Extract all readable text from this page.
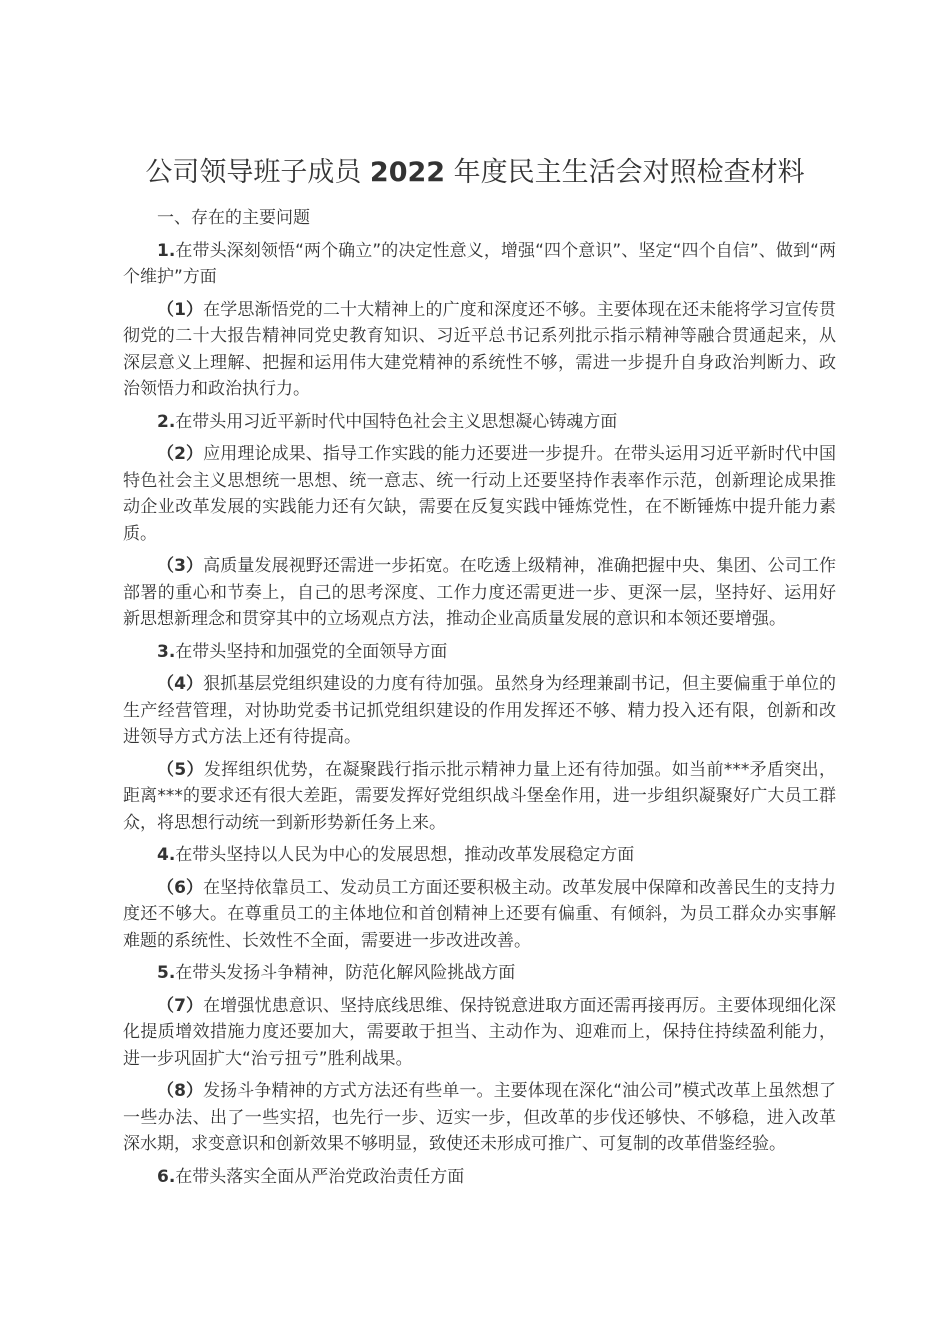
公司领导班子成员 2022 年度民主生活会对照检查材料

一、存在的主要问题

1.在带头深刻领悟“两个确立”的决定性意义，增强“四个意识”、坚定“四个自信”、做到“两个维护”方面

（1）在学思渐悟党的二十大精神上的广度和深度还不够。主要体现在还未能将学习宣传贯彻党的二十大报告精神同党史教育知识、习近平总书记系列批示指示精神等融合贯通起来，从深层意义上理解、把握和运用伟大建党精神的系统性不够，需进一步提升自身政治判断力、政治领悟力和政治执行力。

2.在带头用习近平新时代中国特色社会主义思想凝心铸魂方面

（2）应用理论成果、指导工作实践的能力还要进一步提升。在带头运用习近平新时代中国特色社会主义思想统一思想、统一意志、统一行动上还要坚持作表率作示范，创新理论成果推动企业改革发展的实践能力还有欠缺，需要在反复实践中锤炼党性，在不断锤炼中提升能力素质。

（3）高质量发展视野还需进一步拓宽。在吃透上级精神，准确把握中央、集团、公司工作部署的重心和节奏上，自己的思考深度、工作力度还需更进一步、更深一层，坚持好、运用好新思想新理念和贯穿其中的立场观点方法，推动企业高质量发展的意识和本领还要增强。

3.在带头坚持和加强党的全面领导方面

（4）狠抓基层党组织建设的力度有待加强。虽然身为经理兼副书记，但主要偏重于单位的生产经营管理，对协助党委书记抓党组织建设的作用发挥还不够、精力投入还有限，创新和改进领导方式方法上还有待提高。

（5）发挥组织优势，在凝聚践行指示批示精神力量上还有待加强。如当前***矛盾突出，距离***的要求还有很大差距，需要发挥好党组织战斗堡垒作用，进一步组织凝聚好广大员工群众，将思想行动统一到新形势新任务上来。

4.在带头坚持以人民为中心的发展思想，推动改革发展稳定方面

（6）在坚持依靠员工、发动员工方面还要积极主动。改革发展中保障和改善民生的支持力度还不够大。在尊重员工的主体地位和首创精神上还要有偏重、有倾斜，为员工群众办实事解难题的系统性、长效性不全面，需要进一步改进改善。

5.在带头发扬斗争精神，防范化解风险挑战方面

（7）在增强忧患意识、坚持底线思维、保持锐意进取方面还需再接再厉。主要体现细化深化提质增效措施力度还要加大，需要敢于担当、主动作为、迎难而上，保持住持续盈利能力，进一步巩固扩大“治亏扭亏”胜利战果。

（8）发扬斗争精神的方式方法还有些单一。主要体现在深化“油公司”模式改革上虽然想了一些办法、出了一些实招，也先行一步、迈实一步，但改革的步伐还够快、不够稳，进入改革深水期，求变意识和创新效果不够明显，致使还未形成可推广、可复制的改革借鉴经验。

6.在带头落实全面从严治党政治责任方面
